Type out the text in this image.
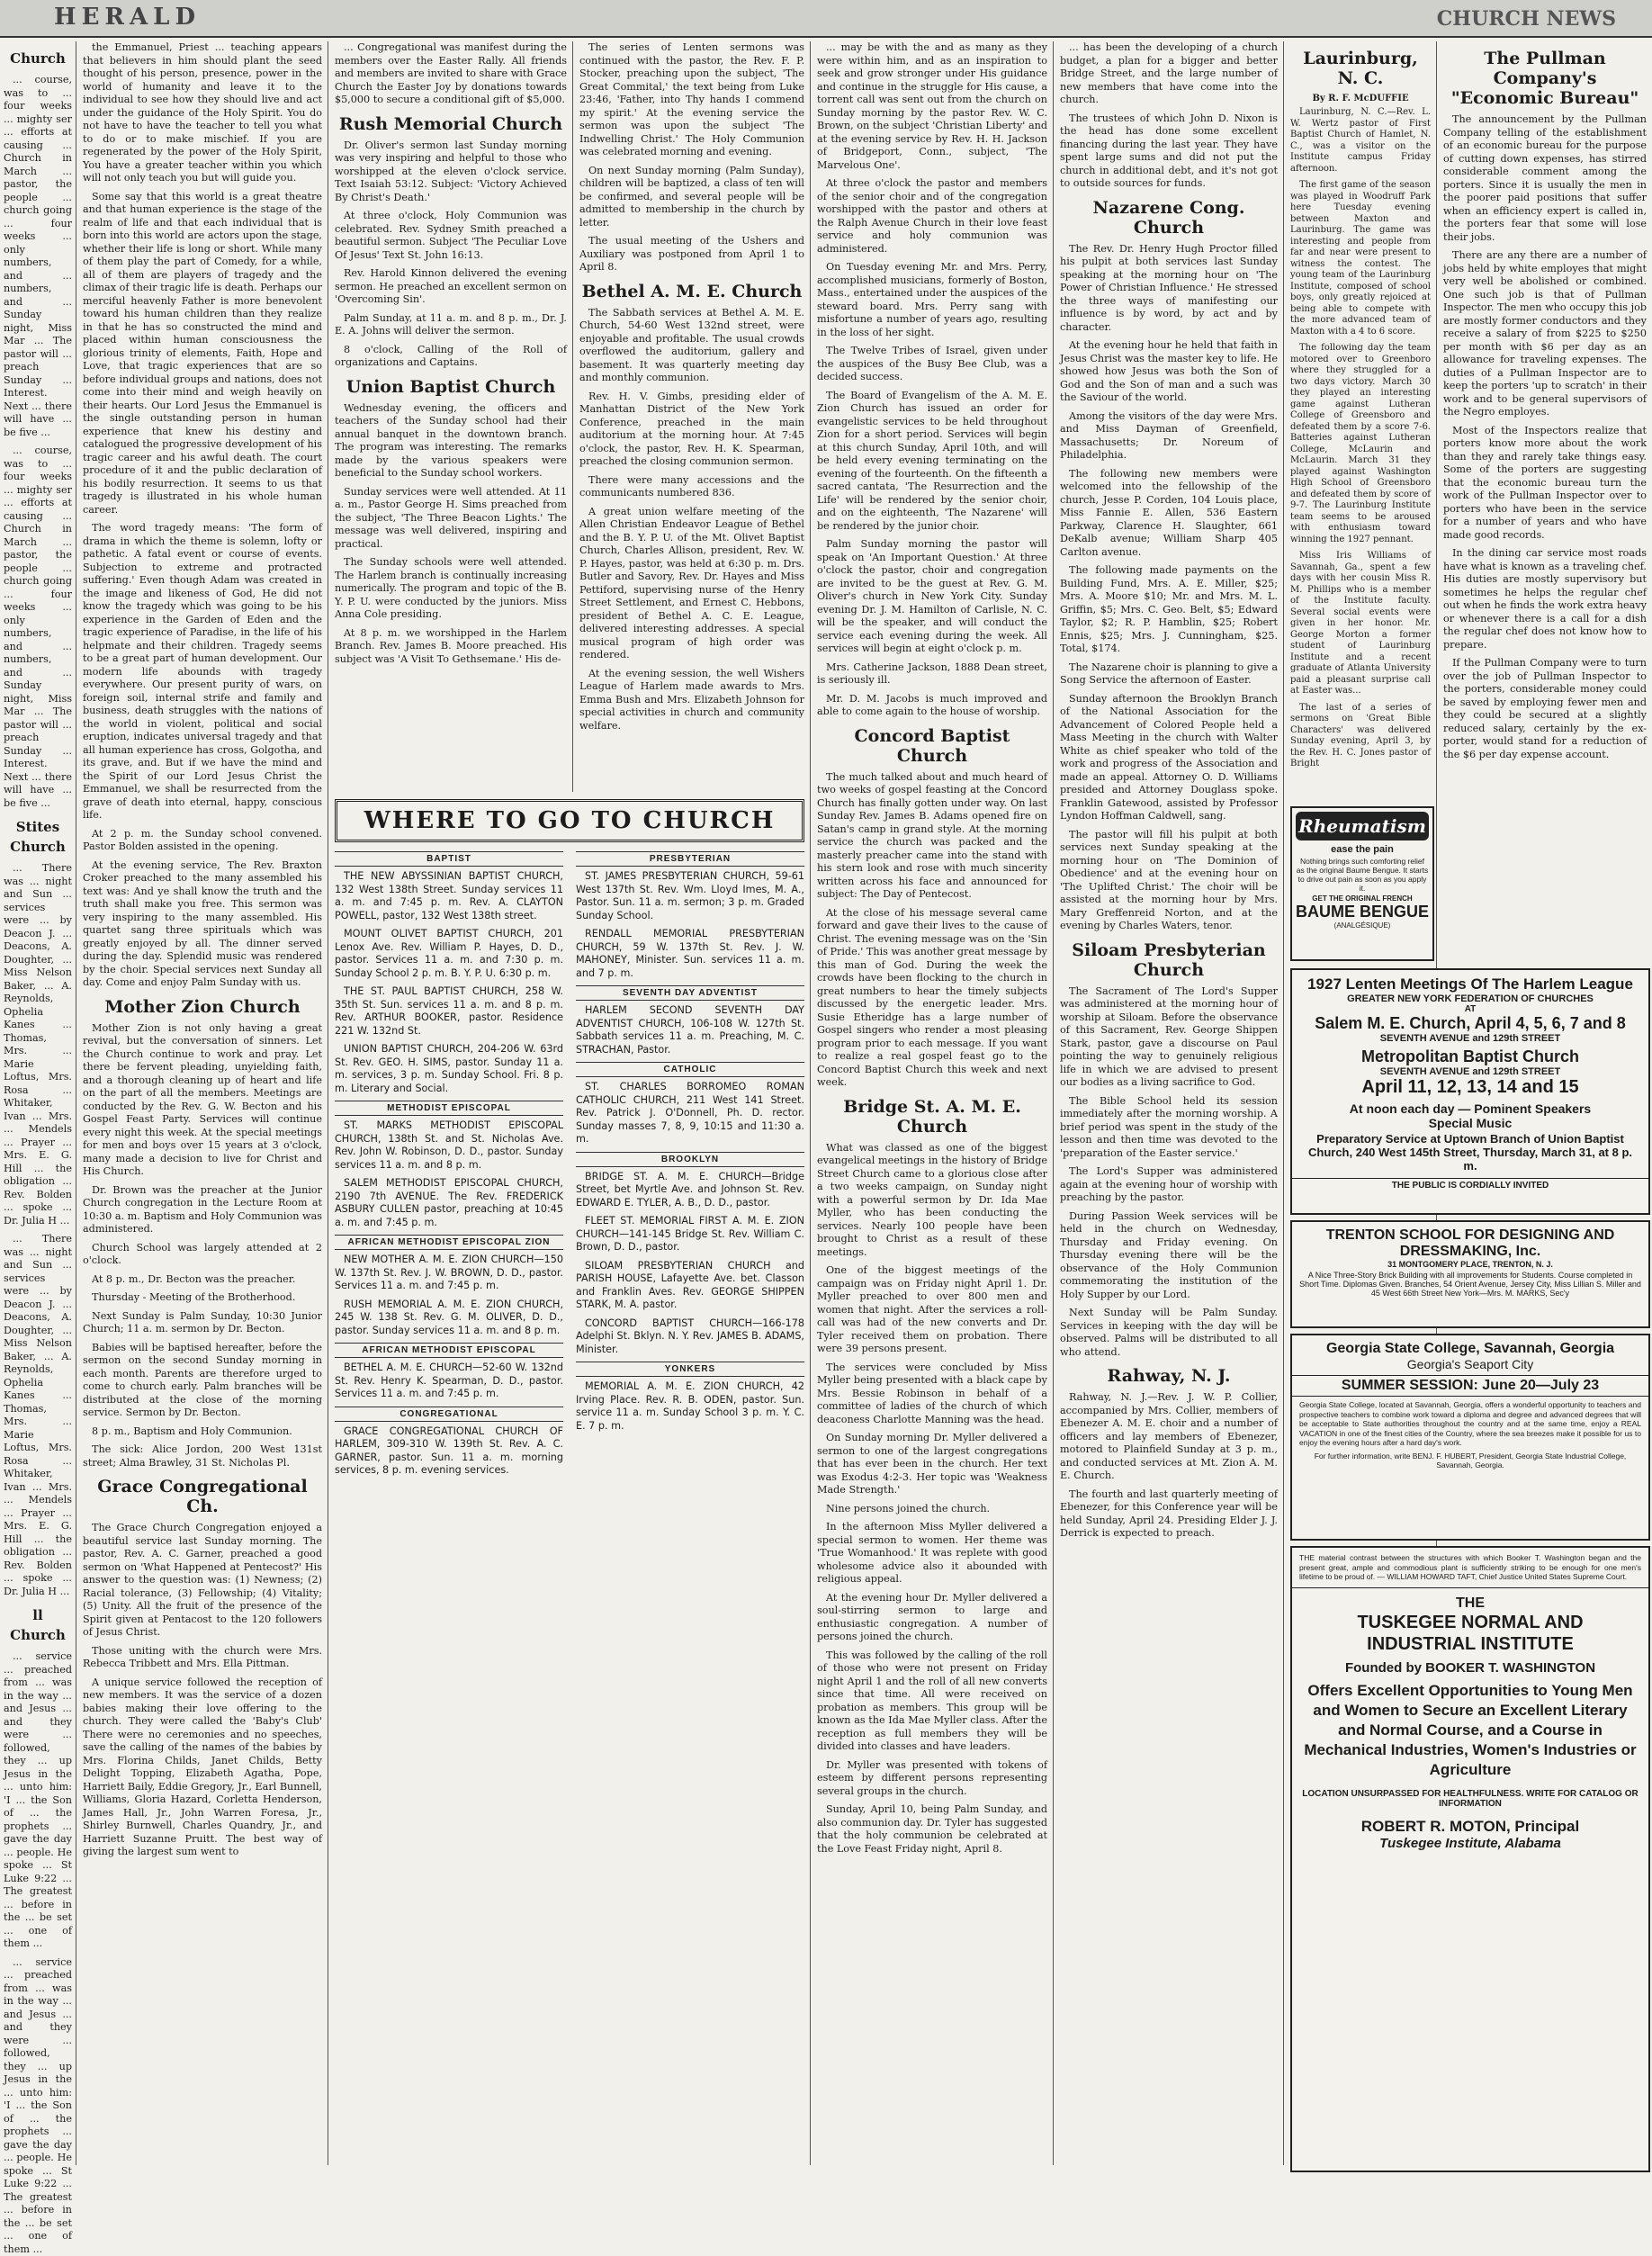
HERALD	CHURCH NEWS
Church

... course, was to ... four weeks ... mighty ser ... efforts at causing ... Church in March ... pastor, the people ... church going ... four weeks ... only numbers, and ... numbers, and ... Sunday night, Miss Mar ... The pastor will ... preach Sunday ... Interest. Next ... there will have ... be five ...

... course, was to ... four weeks ... mighty ser ... efforts at causing ... Church in March ... pastor, the people ... church going ... four weeks ... only numbers, and ... numbers, and ... Sunday night, Miss Mar ... The pastor will ... preach Sunday ... Interest. Next ... there will have ... be five ...

Stites Church

... There was ... night and Sun ... services were ... by Deacon J. ... Deacons, A. Doughter, ... Miss Nelson Baker, ... A. Reynolds, Ophelia Kanes ... Thomas, Mrs. ... Marie Loftus, Mrs. Rosa ... Whitaker, Ivan ... Mrs. ... Mendels ... Prayer ... Mrs. E. G. Hill ... the obligation ... Rev. Bolden ... spoke ... Dr. Julia H ...

... There was ... night and Sun ... services were ... by Deacon J. ... Deacons, A. Doughter, ... Miss Nelson Baker, ... A. Reynolds, Ophelia Kanes ... Thomas, Mrs. ... Marie Loftus, Mrs. Rosa ... Whitaker, Ivan ... Mrs. ... Mendels ... Prayer ... Mrs. E. G. Hill ... the obligation ... Rev. Bolden ... spoke ... Dr. Julia H ...

ll Church

... service ... preached from ... was in the way ... and Jesus ... and they were ... followed, they ... up Jesus in the ... unto him: 'I ... the Son of ... the prophets ... gave the day ... people. He spoke ... St Luke 9:22 ... The greatest ... before in the ... be set ... one of them ...

... service ... preached from ... was in the way ... and Jesus ... and they were ... followed, they ... up Jesus in the ... unto him: 'I ... the Son of ... the prophets ... gave the day ... people. He spoke ... St Luke 9:22 ... The greatest ... before in the ... be set ... one of them ...

the Emmanuel, Priest ... teaching appears that believers in him should plant the seed thought of his person, presence, power in the world of humanity and leave it to the individual to see how they should live and act under the guidance of the Holy Spirit. You do not have to have the teacher to tell you what to do or to make mischief. If you are regenerated by the power of the Holy Spirit, You have a greater teacher within you which will not only teach you but will guide you.

Some say that this world is a great theatre and that human experience is the stage of the realm of life and that each individual that is born into this world are actors upon the stage, whether their life is long or short. While many of them play the part of Comedy, for a while, all of them are players of tragedy and the climax of their tragic life is death. Perhaps our merciful heavenly Father is more benevolent toward his human children than they realize in that he has so constructed the mind and placed within human consciousness the glorious trinity of elements, Faith, Hope and Love, that tragic experiences that are so before individual groups and nations, does not come into their mind and weigh heavily on their hearts. Our Lord Jesus the Emmanuel is the single outstanding person in human experience that knew his destiny and catalogued the progressive development of his tragic career and his awful death. The court procedure of it and the public declaration of his bodily resurrection. It seems to us that tragedy is illustrated in his whole human career.

The word tragedy means: 'The form of drama in which the theme is solemn, lofty or pathetic. A fatal event or course of events. Subjection to extreme and protracted suffering.' Even though Adam was created in the image and likeness of God, He did not know the tragedy which was going to be his experience in the Garden of Eden and the tragic experience of Paradise, in the life of his helpmate and their children. Tragedy seems to be a great part of human development. Our modern life abounds with tragedy everywhere. Our present purity of wars, on foreign soil, internal strife and family and business, death struggles with the nations of the world in violent, political and social eruption, indicates universal tragedy and that all human experience has cross, Golgotha, and its grave, and. But if we have the mind and the Spirit of our Lord Jesus Christ the Emmanuel, we shall be resurrected from the grave of death into eternal, happy, conscious life.

At 2 p. m. the Sunday school convened. Pastor Bolden assisted in the opening.

At the evening service, The Rev. Braxton Croker preached to the many assembled his text was: And ye shall know the truth and the truth shall make you free. This sermon was very inspiring to the many assembled. His quartet sang three spirituals which was greatly enjoyed by all. The dinner served during the day. Splendid music was rendered by the choir. Special services next Sunday all day. Come and enjoy Palm Sunday with us.

Mother Zion Church

Mother Zion is not only having a great revival, but the conversation of sinners. Let the Church continue to work and pray. Let there be fervent pleading, unyielding faith, and a thorough cleaning up of heart and life on the part of all the members. Meetings are conducted by the Rev. G. W. Becton and his Gospel Feast Party. Services will continue every night this week. At the special meetings for men and boys over 15 years at 3 o'clock, many made a decision to live for Christ and His Church.

Dr. Brown was the preacher at the Junior Church congregation in the Lecture Room at 10:30 a. m. Baptism and Holy Communion was administered.

Church School was largely attended at 2 o'clock.

At 8 p. m., Dr. Becton was the preacher.

Thursday - Meeting of the Brotherhood.

Next Sunday is Palm Sunday, 10:30 Junior Church; 11 a. m. sermon by Dr. Becton.

Babies will be baptised hereafter, before the sermon on the second Sunday morning in each month. Parents are therefore urged to come to church early. Palm branches will be distributed at the close of the morning service. Sermon by Dr. Becton.

8 p. m., Baptism and Holy Communion.

The sick: Alice Jordon, 200 West 131st street; Alma Brawley, 31 St. Nicholas Pl.

Grace Congregational Ch.

The Grace Church Congregation enjoyed a beautiful service last Sunday morning. The pastor, Rev. A. C. Garner, preached a good sermon on 'What Happened at Pentecost?' His answer to the question was: (1) Newness; (2) Racial tolerance, (3) Fellowship; (4) Vitality; (5) Unity. All the fruit of the presence of the Spirit given at Pentacost to the 120 followers of Jesus Christ.

Those uniting with the church were Mrs. Rebecca Tribbett and Mrs. Ella Pittman.

A unique service followed the reception of new members. It was the service of a dozen babies making their love offering to the church. They were called the 'Baby's Club' There were no ceremonies and no speeches, save the calling of the names of the babies by Mrs. Florina Childs, Janet Childs, Betty Delight Topping, Elizabeth Agatha, Pope, Harriett Baily, Eddie Gregory, Jr., Earl Bunnell, Williams, Gloria Hazard, Corletta Henderson, James Hall, Jr., John Warren Foresa, Jr., Shirley Burnwell, Charles Quandry, Jr., and Harriett Suzanne Pruitt. The best way of giving the largest sum went to

... Congregational was manifest during the members over the Easter Rally. All friends and members are invited to share with Grace Church the Easter Joy by donations towards $5,000 to secure a conditional gift of $5,000.

Rush Memorial Church

Dr. Oliver's sermon last Sunday morning was very inspiring and helpful to those who worshipped at the eleven o'clock service. Text Isaiah 53:12. Subject: 'Victory Achieved By Christ's Death.'

At three o'clock, Holy Communion was celebrated. Rev. Sydney Smith preached a beautiful sermon. Subject 'The Peculiar Love Of Jesus' Text St. John 16:13.

Rev. Harold Kinnon delivered the evening sermon. He preached an excellent sermon on 'Overcoming Sin'.

Palm Sunday, at 11 a. m. and 8 p. m., Dr. J. E. A. Johns will deliver the sermon.

8 o'clock, Calling of the Roll of organizations and Captains.

Union Baptist Church

Wednesday evening, the officers and teachers of the Sunday school had their annual banquet in the downtown branch. The program was interesting. The remarks made by the various speakers were beneficial to the Sunday school workers.

Sunday services were well attended. At 11 a. m., Pastor George H. Sims preached from the subject, 'The Three Beacon Lights.' The message was well delivered, inspiring and practical.

The Sunday schools were well attended. The Harlem branch is continually increasing numerically. The program and topic of the B. Y. P. U. were conducted by the juniors. Miss Anna Cole presiding.

At 8 p. m. we worshipped in the Harlem Branch. Rev. James B. Moore preached. His subject was 'A Visit To Gethsemane.' His de-

The series of Lenten sermons was continued with the pastor, the Rev. F. P. Stocker, preaching upon the subject, 'The Great Commital,' the text being from Luke 23:46, 'Father, into Thy hands I commend my spirit.' At the evening service the sermon was upon the subject 'The Indwelling Christ.' The Holy Communion was celebrated morning and evening.

On next Sunday morning (Palm Sunday), children will be baptized, a class of ten will be confirmed, and several people will be admitted to membership in the church by letter.

The usual meeting of the Ushers and Auxiliary was postponed from April 1 to April 8.

Bethel A. M. E. Church

The Sabbath services at Bethel A. M. E. Church, 54-60 West 132nd street, were enjoyable and profitable. The usual crowds overflowed the auditorium, gallery and basement. It was quarterly meeting day and monthly communion.

Rev. H. V. Gimbs, presiding elder of Manhattan District of the New York Conference, preached in the main auditorium at the morning hour. At 7:45 o'clock, the pastor, Rev. H. K. Spearman, preached the closing communion sermon.

There were many accessions and the communicants numbered 836.

A great union welfare meeting of the Allen Christian Endeavor League of Bethel and the B. Y. P. U. of the Mt. Olivet Baptist Church, Charles Allison, president, Rev. W. P. Hayes, pastor, was held at 6:30 p. m. Drs. Butler and Savory, Rev. Dr. Hayes and Miss Pettiford, supervising nurse of the Henry Street Settlement, and Ernest C. Hebbons, president of Bethel A. C. E. League, delivered interesting addresses. A special musical program of high order was rendered.

At the evening session, the well Wishers League of Harlem made awards to Mrs. Emma Bush and Mrs. Elizabeth Johnson for special activities in church and community welfare.

WHERE TO GO TO CHURCH
BAPTIST

THE NEW ABYSSINIAN BAPTIST CHURCH, 132 West 138th Street. Sunday services 11 a. m. and 7:45 p. m. Rev. A. CLAYTON POWELL, pastor, 132 West 138th street.

MOUNT OLIVET BAPTIST CHURCH, 201 Lenox Ave. Rev. William P. Hayes, D. D., pastor. Services 11 a. m. and 7:30 p. m. Sunday School 2 p. m. B. Y. P. U. 6:30 p. m.

THE ST. PAUL BAPTIST CHURCH, 258 W. 35th St. Sun. services 11 a. m. and 8 p. m. Rev. ARTHUR BOOKER, pastor. Residence 221 W. 132nd St.

UNION BAPTIST CHURCH, 204-206 W. 63rd St. Rev. GEO. H. SIMS, pastor. Sunday 11 a. m. services, 3 p. m. Sunday School. Fri. 8 p. m. Literary and Social.

METHODIST EPISCOPAL

ST. MARKS METHODIST EPISCOPAL CHURCH, 138th St. and St. Nicholas Ave. Rev. John W. Robinson, D. D., pastor. Sunday services 11 a. m. and 8 p. m.

SALEM METHODIST EPISCOPAL CHURCH, 2190 7th AVENUE. The Rev. FREDERICK ASBURY CULLEN pastor, preaching at 10:45 a. m. and 7:45 p. m.

AFRICAN METHODIST EPISCOPAL ZION

NEW MOTHER A. M. E. ZION CHURCH—150 W. 137th St. Rev. J. W. BROWN, D. D., pastor. Services 11 a. m. and 7:45 p. m.

RUSH MEMORIAL A. M. E. ZION CHURCH, 245 W. 138 St. Rev. G. M. OLIVER, D. D., pastor. Sunday services 11 a. m. and 8 p. m.

AFRICAN METHODIST EPISCOPAL

BETHEL A. M. E. CHURCH—52-60 W. 132nd St. Rev. Henry K. Spearman, D. D., pastor. Services 11 a. m. and 7:45 p. m.

CONGREGATIONAL

GRACE CONGREGATIONAL CHURCH OF HARLEM, 309-310 W. 139th St. Rev. A. C. GARNER, pastor. Sun. 11 a. m. morning services, 8 p. m. evening services.

PRESBYTERIAN

ST. JAMES PRESBYTERIAN CHURCH, 59-61 West 137th St. Rev. Wm. Lloyd Imes, M. A., Pastor. Sun. 11 a. m. sermon; 3 p. m. Graded Sunday School.

RENDALL MEMORIAL PRESBYTERIAN CHURCH, 59 W. 137th St. Rev. J. W. MAHONEY, Minister. Sun. services 11 a. m. and 7 p. m.

SEVENTH DAY ADVENTIST

HARLEM SECOND SEVENTH DAY ADVENTIST CHURCH, 106-108 W. 127th St. Sabbath services 11 a. m. Preaching, M. C. STRACHAN, Pastor.

CATHOLIC

ST. CHARLES BORROMEO ROMAN CATHOLIC CHURCH, 211 West 141 Street. Rev. Patrick J. O'Donnell, Ph. D. rector. Sunday masses 7, 8, 9, 10:15 and 11:30 a. m.

BROOKLYN

BRIDGE ST. A. M. E. CHURCH—Bridge Street, bet Myrtle Ave. and Johnson St. Rev. EDWARD E. TYLER, A. B., D. D., pastor.

FLEET ST. MEMORIAL FIRST A. M. E. ZION CHURCH—141-145 Bridge St. Rev. William C. Brown, D. D., pastor.

SILOAM PRESBYTERIAN CHURCH and PARISH HOUSE, Lafayette Ave. bet. Classon and Franklin Aves. Rev. GEORGE SHIPPEN STARK, M. A. pastor.

CONCORD BAPTIST CHURCH—166-178 Adelphi St. Bklyn. N. Y. Rev. JAMES B. ADAMS, Minister.

YONKERS

MEMORIAL A. M. E. ZION CHURCH, 42 Irving Place. Rev. R. B. ODEN, pastor. Sun. service 11 a. m. Sunday School 3 p. m. Y. C. E. 7 p. m.

... may be with the and as many as they were within him, and as an inspiration to seek and grow stronger under His guidance and continue in the struggle for His cause, a torrent call was sent out from the church on Sunday morning by the pastor Rev. W. C. Brown, on the subject 'Christian Liberty' and at the evening service by Rev. H. H. Jackson of Bridgeport, Conn., subject, 'The Marvelous One'.

At three o'clock the pastor and members of the senior choir and of the congregation worshipped with the pastor and others at the Ralph Avenue Church in their love feast service and holy communion was administered.

On Tuesday evening Mr. and Mrs. Perry, accomplished musicians, formerly of Boston, Mass., entertained under the auspices of the steward board. Mrs. Perry sang with misfortune a number of years ago, resulting in the loss of her sight.

The Twelve Tribes of Israel, given under the auspices of the Busy Bee Club, was a decided success.

The Board of Evangelism of the A. M. E. Zion Church has issued an order for evangelistic services to be held throughout Zion for a short period. Services will begin at this church Sunday, April 10th, and will be held every evening terminating on the evening of the fourteenth. On the fifteenth a sacred cantata, 'The Resurrection and the Life' will be rendered by the senior choir, and on the eighteenth, 'The Nazarene' will be rendered by the junior choir.

Palm Sunday morning the pastor will speak on 'An Important Question.' At three o'clock the pastor, choir and congregation are invited to be the guest at Rev. G. M. Oliver's church in New York City. Sunday evening Dr. J. M. Hamilton of Carlisle, N. C. will be the speaker, and will conduct the service each evening during the week. All services will begin at eight o'clock p. m.

Mrs. Catherine Jackson, 1888 Dean street, is seriously ill.

Mr. D. M. Jacobs is much improved and able to come again to the house of worship.

Concord Baptist Church

The much talked about and much heard of two weeks of gospel feasting at the Concord Church has finally gotten under way. On last Sunday Rev. James B. Adams opened fire on Satan's camp in grand style. At the morning service the church was packed and the masterly preacher came into the stand with his stern look and rose with much sincerity written across his face and announced for subject: The Day of Pentecost.

At the close of his message several came forward and gave their lives to the cause of Christ. The evening message was on the 'Sin of Pride.' This was another great message by this man of God. During the week the crowds have been flocking to the church in great numbers to hear the timely subjects discussed by the energetic leader. Mrs. Susie Etheridge has a large number of Gospel singers who render a most pleasing program prior to each message. If you want to realize a real gospel feast go to the Concord Baptist Church this week and next week.

Bridge St. A. M. E. Church

What was classed as one of the biggest evangelical meetings in the history of Bridge Street Church came to a glorious close after a two weeks campaign, on Sunday night with a powerful sermon by Dr. Ida Mae Myller, who has been conducting the services. Nearly 100 people have been brought to Christ as a result of these meetings.

One of the biggest meetings of the campaign was on Friday night April 1. Dr. Myller preached to over 800 men and women that night. After the services a roll-call was had of the new converts and Dr. Tyler received them on probation. There were 39 persons present.

The services were concluded by Miss Myller being presented with a black cape by Mrs. Bessie Robinson in behalf of a committee of ladies of the church of which deaconess Charlotte Manning was the head.

On Sunday morning Dr. Myller delivered a sermon to one of the largest congregations that has ever been in the church. Her text was Exodus 4:2-3. Her topic was 'Weakness Made Strength.'

Nine persons joined the church.

In the afternoon Miss Myller delivered a special sermon to women. Her theme was 'True Womanhood.' It was replete with good wholesome advice also it abounded with religious appeal.

At the evening hour Dr. Myller delivered a soul-stirring sermon to large and enthusiastic congregation. A number of persons joined the church.

This was followed by the calling of the roll of those who were not present on Friday night April 1 and the roll of all new converts since that time. All were received on probation as members. This group will be known as the Ida Mae Myller class. After the reception as full members they will be divided into classes and have leaders.

Dr. Myller was presented with tokens of esteem by different persons representing several groups in the church.

Sunday, April 10, being Palm Sunday, and also communion day. Dr. Tyler has suggested that the holy communion be celebrated at the Love Feast Friday night, April 8.

... has been the developing of a church budget, a plan for a bigger and better Bridge Street, and the large number of new members that have come into the church.

The trustees of which John D. Nixon is the head has done some excellent financing during the last year. They have spent large sums and did not put the church in additional debt, and it's not got to outside sources for funds.

Nazarene Cong. Church

The Rev. Dr. Henry Hugh Proctor filled his pulpit at both services last Sunday speaking at the morning hour on 'The Power of Christian Influence.' He stressed the three ways of manifesting our influence is by word, by act and by character.

At the evening hour he held that faith in Jesus Christ was the master key to life. He showed how Jesus was both the Son of God and the Son of man and a such was the Saviour of the world.

Among the visitors of the day were Mrs. and Miss Dayman of Greenfield, Massachusetts; Dr. Noreum of Philadelphia.

The following new members were welcomed into the fellowship of the church, Jesse P. Corden, 104 Louis place, Miss Fannie E. Allen, 536 Eastern Parkway, Clarence H. Slaughter, 661 DeKalb avenue; William Sharp 405 Carlton avenue.

The following made payments on the Building Fund, Mrs. A. E. Miller, $25; Mrs. A. Moore $10; Mr. and Mrs. M. L. Griffin, $5; Mrs. C. Geo. Belt, $5; Edward Taylor, $2; R. P. Hamblin, $25; Robert Ennis, $25; Mrs. J. Cunningham, $25. Total, $174.

The Nazarene choir is planning to give a Song Service the afternoon of Easter.

Sunday afternoon the Brooklyn Branch of the National Association for the Advancement of Colored People held a Mass Meeting in the church with Walter White as chief speaker who told of the work and progress of the Association and made an appeal. Attorney O. D. Williams presided and Attorney Douglass spoke. Franklin Gatewood, assisted by Professor Lyndon Hoffman Caldwell, sang.

The pastor will fill his pulpit at both services next Sunday speaking at the morning hour on 'The Dominion of Obedience' and at the evening hour on 'The Uplifted Christ.' The choir will be assisted at the morning hour by Mrs. Mary Greffenreid Norton, and at the evening by Charles Waters, tenor.

Siloam Presbyterian Church

The Sacrament of The Lord's Supper was administered at the morning hour of worship at Siloam. Before the observance of this Sacrament, Rev. George Shippen Stark, pastor, gave a discourse on Paul pointing the way to genuinely religious life in which we are advised to present our bodies as a living sacrifice to God.

The Bible School held its session immediately after the morning worship. A brief period was spent in the study of the lesson and then time was devoted to the 'preparation of the Easter service.'

The Lord's Supper was administered again at the evening hour of worship with preaching by the pastor.

During Passion Week services will be held in the church on Wednesday, Thursday and Friday evening. On Thursday evening there will be the observance of the Holy Communion commemorating the institution of the Holy Supper by our Lord.

Next Sunday will be Palm Sunday. Services in keeping with the day will be observed. Palms will be distributed to all who attend.

Rahway, N. J.

Rahway, N. J.—Rev. J. W. P. Collier, accompanied by Mrs. Collier, members of Ebenezer A. M. E. choir and a number of officers and lay members of Ebenezer, motored to Plainfield Sunday at 3 p. m., and conducted services at Mt. Zion A. M. E. Church.

The fourth and last quarterly meeting of Ebenezer, for this Conference year will be held Sunday, April 24. Presiding Elder J. J. Derrick is expected to preach.

Laurinburg, N. C.
By R. F. McDUFFIE

Laurinburg, N. C.—Rev. L. W. Wertz pastor of First Baptist Church of Hamlet, N. C., was a visitor on the Institute campus Friday afternoon.

The first game of the season was played in Woodruff Park here Tuesday evening between Maxton and Laurinburg. The game was interesting and people from far and near were present to witness the contest. The young team of the Laurinburg Institute, composed of school boys, only greatly rejoiced at being able to compete with the more advanced team of Maxton with a 4 to 6 score.

The following day the team motored over to Greenboro where they struggled for a two days victory. March 30 they played an interesting game against Lutheran College of Greensboro and defeated them by a score 7-6. Batteries against Lutheran College, McLaurin and McLaurin. March 31 they played against Washington High School of Greensboro and defeated them by score of 9-7. The Laurinburg Institute team seems to be aroused with enthusiasm toward winning the 1927 pennant.

Miss Iris Williams of Savannah, Ga., spent a few days with her cousin Miss R. M. Phillips who is a member of the Institute faculty. Several social events were given in her honor. Mr. George Morton a former student of Laurinburg Institute and a recent graduate of Atlanta University paid a pleasant surprise call at Easter was...

The last of a series of sermons on 'Great Bible Characters' was delivered Sunday evening, April 3, by the Rev. H. C. Jones pastor of Bright

The Pullman Company's "Economic Bureau"

The announcement by the Pullman Company telling of the establishment of an economic bureau for the purpose of cutting down expenses, has stirred considerable comment among the porters. Since it is usually the men in the poorer paid positions that suffer when an efficiency expert is called in, the porters fear that some will lose their jobs.

There are any there are a number of jobs held by white employes that might very well be abolished or combined. One such job is that of Pullman Inspector. The men who occupy this job are mostly former conductors and they receive a salary of from $225 to $250 per month with $6 per day as an allowance for traveling expenses. The duties of a Pullman Inspector are to keep the porters 'up to scratch' in their work and to be general supervisors of the Negro employes.

Most of the Inspectors realize that porters know more about the work than they and rarely take things easy. Some of the porters are suggesting that the economic bureau turn the work of the Pullman Inspector over to porters who have been in the service for a number of years and who have made good records.

In the dining car service most roads have what is known as a traveling chef. His duties are mostly supervisory but sometimes he helps the regular chef out when he finds the work extra heavy or whenever there is a call for a dish the regular chef does not know how to prepare.

If the Pullman Company were to turn over the job of Pullman Inspector to the porters, considerable money could be saved by employing fewer men and they could be secured at a slightly reduced salary, certainly by the ex-porter, would stand for a reduction of the $6 per day expense account.

Rheumatism
ease the pain
Nothing brings such comforting relief as the original Baume Bengue. It starts to drive out pain as soon as you apply it.
GET THE ORIGINAL FRENCH
BAUME BENGUE
(ANALGÉSIQUE)
1927 Lenten Meetings Of The Harlem League
GREATER NEW YORK FEDERATION OF CHURCHES
AT
Salem M. E. Church, April 4, 5, 6, 7 and 8
SEVENTH AVENUE and 129th STREET
Metropolitan Baptist Church
SEVENTH AVENUE and 129th STREET
April 11, 12, 13, 14 and 15
At noon each day — Pominent Speakers
Special Music
Preparatory Service at Uptown Branch of Union Baptist Church, 240 West 145th Street, Thursday, March 31, at 8 p. m.
THE PUBLIC IS CORDIALLY INVITED
TRENTON SCHOOL FOR DESIGNING AND DRESSMAKING, Inc.
31 MONTGOMERY PLACE, TRENTON, N. J.
A Nice Three-Story Brick Building with all improvements for Students. Course completed in Short Time. Diplomas Given. Branches, 54 Orient Avenue, Jersey City, Miss Lillian S. Miller and 45 West 66th Street New York—Mrs. M. MARKS, Sec'y
Georgia State College, Savannah, Georgia
Georgia's Seaport City
SUMMER SESSION: June 20—July 23
Georgia State College, located at Savannah, Georgia, offers a wonderful opportunity to teachers and prospective teachers to combine work toward a diploma and degree and advanced degrees that will be acceptable to State authorities throughout the country and at the same time, enjoy a REAL VACATION in one of the finest cities of the Country, where the sea breezes make it possible for us to enjoy the evening hours after a hard day's work.
For further information, write BENJ. F. HUBERT, President, Georgia State Industrial College, Savannah, Georgia.
THE material contrast between the structures with which Booker T. Washington began and the present great, ample and commodious plant is sufficiently striking to be enough for one men's lifetime to be proud of. — WILLIAM HOWARD TAFT, Chief Justice United States Supreme Court.
THE
TUSKEGEE NORMAL AND INDUSTRIAL INSTITUTE
Founded by BOOKER T. WASHINGTON
Offers Excellent Opportunities to Young Men and Women to Secure an Excellent Literary and Normal Course, and a Course in Mechanical Industries, Women's Industries or Agriculture
LOCATION UNSURPASSED FOR HEALTHFULNESS. WRITE FOR CATALOG OR INFORMATION
ROBERT R. MOTON, Principal
Tuskegee Institute, Alabama
